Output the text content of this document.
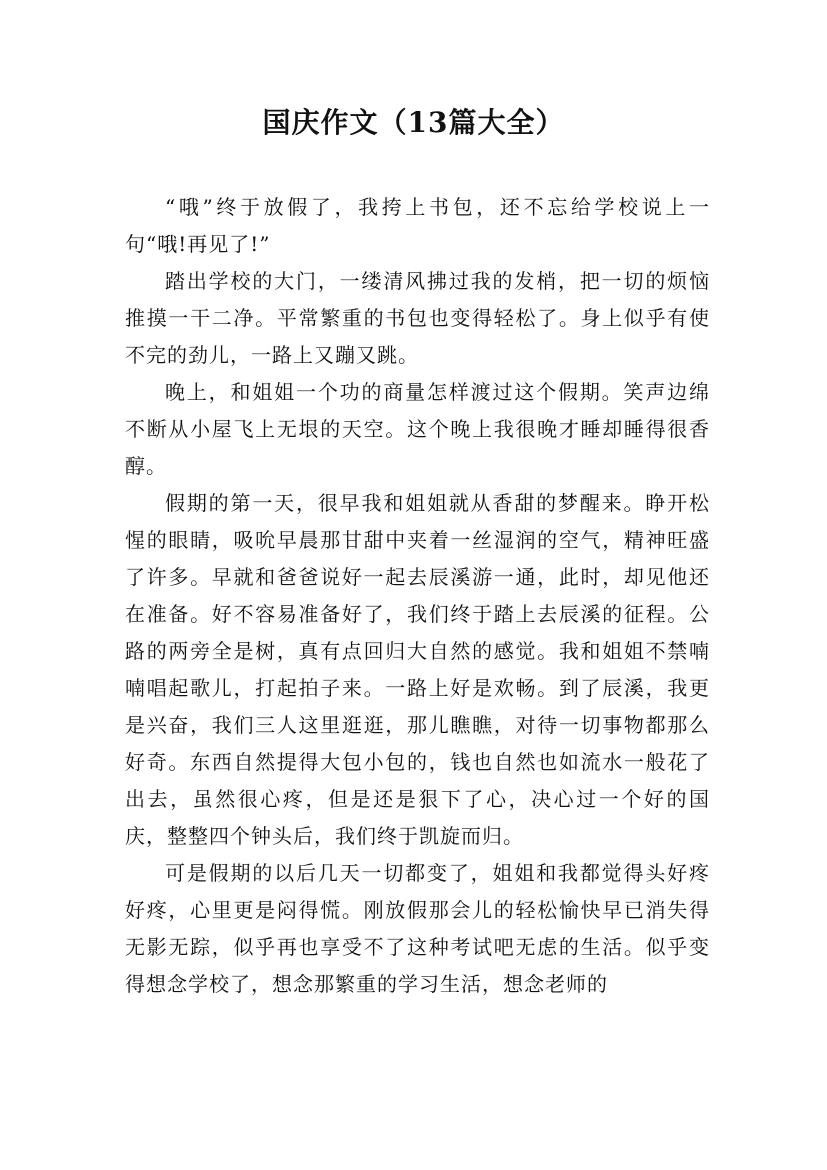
国庆作文（13篇大全）

“哦”终于放假了，我挎上书包，还不忘给学校说上一句“哦!再见了!”

踏出学校的大门，一缕清风拂过我的发梢，把一切的烦恼推摸一干二净。平常繁重的书包也变得轻松了。身上似乎有使不完的劲儿，一路上又蹦又跳。

晚上，和姐姐一个功的商量怎样渡过这个假期。笑声边绵不断从小屋飞上无垠的天空。这个晚上我很晚才睡却睡得很香醇。

假期的第一天，很早我和姐姐就从香甜的梦醒来。睁开松惺的眼睛，吸吮早晨那甘甜中夹着一丝湿润的空气，精神旺盛了许多。早就和爸爸说好一起去辰溪游一通，此时，却见他还在准备。好不容易准备好了，我们终于踏上去辰溪的征程。公路的两旁全是树，真有点回归大自然的感觉。我和姐姐不禁喃喃唱起歌儿，打起拍子来。一路上好是欢畅。到了辰溪，我更是兴奋，我们三人这里逛逛，那儿瞧瞧，对待一切事物都那么好奇。东西自然提得大包小包的，钱也自然也如流水一般花了出去，虽然很心疼，但是还是狠下了心，决心过一个好的国庆，整整四个钟头后，我们终于凯旋而归。

可是假期的以后几天一切都变了，姐姐和我都觉得头好疼好疼，心里更是闷得慌。刚放假那会儿的轻松愉快早已消失得无影无踪，似乎再也享受不了这种考试吧无虑的生活。似乎变得想念学校了，想念那繁重的学习生活，想念老师的
